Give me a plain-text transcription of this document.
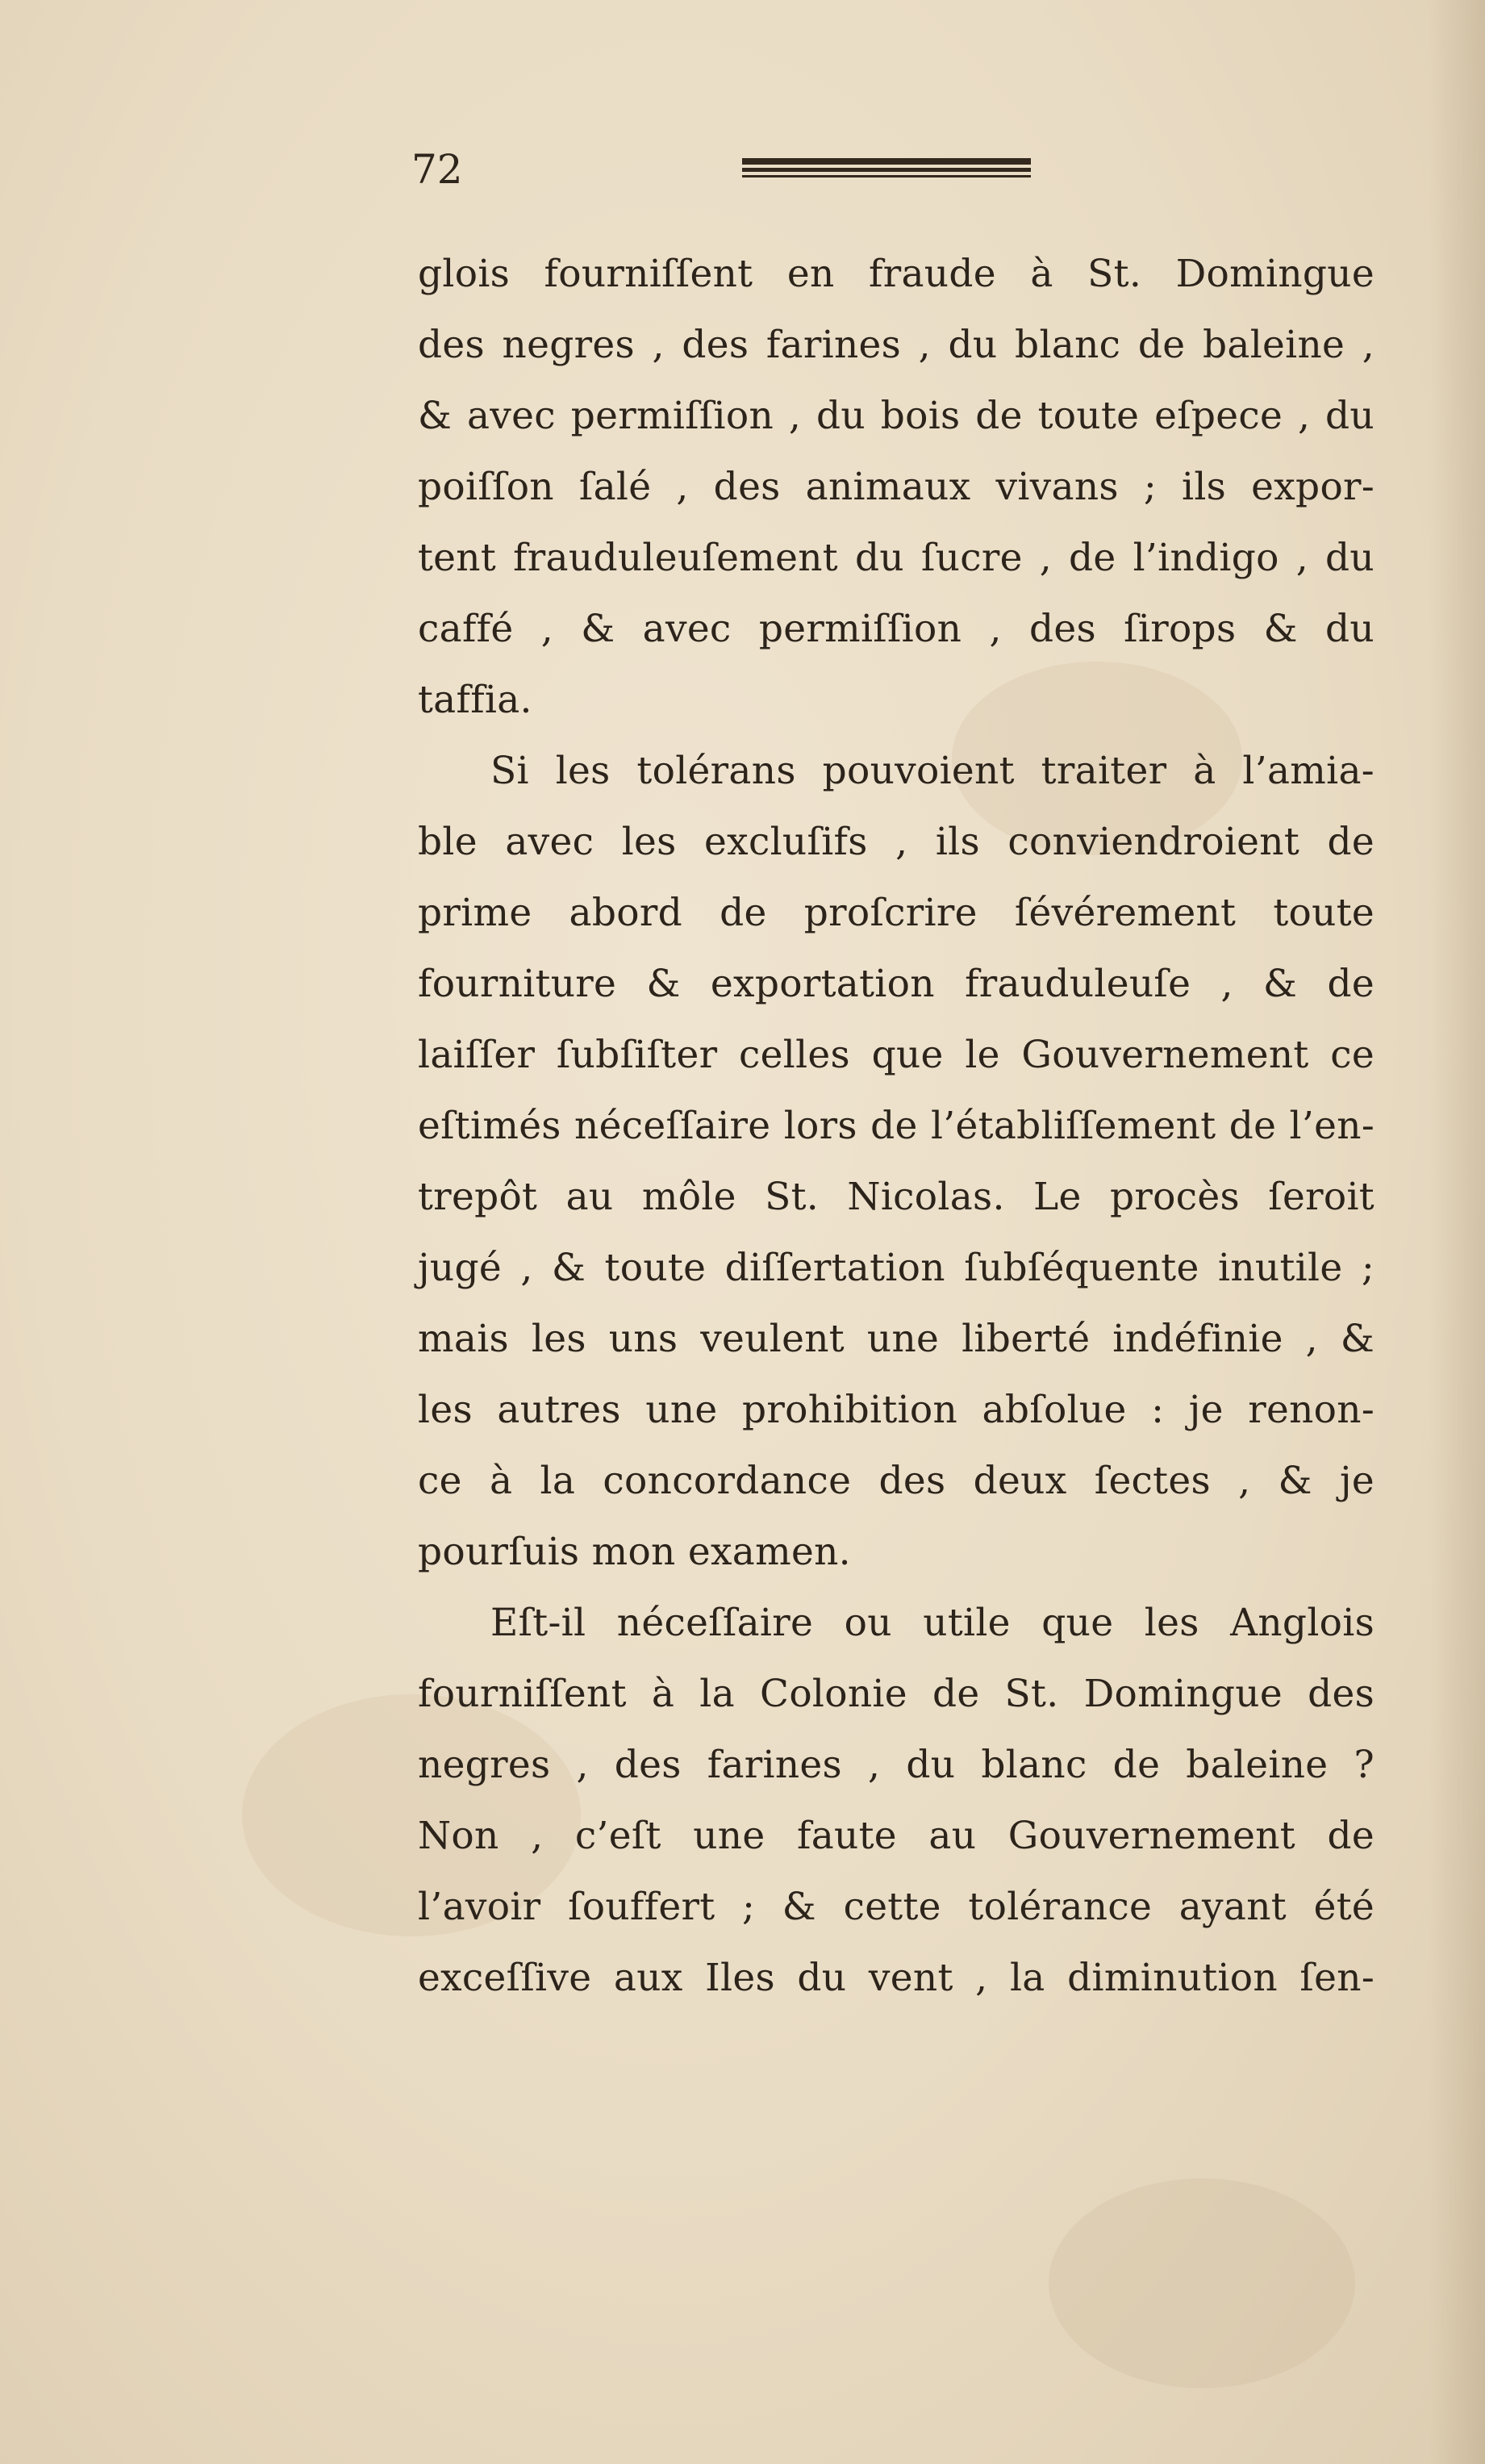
72
glois fourniſſent en fraude à St. Domingue
des negres , des farines , du blanc de baleine ,
& avec permiſſion , du bois de toute eſpece , du
poiſſon ſalé , des animaux vivans ; ils expor-
tent frauduleuſement du ſucre , de l’indigo , du
caffé , & avec permiſſion , des ſirops & du
taffia.
Si les tolérans pouvoient traiter à l’amia-
ble avec les excluſifs , ils conviendroient de
prime abord de proſcrire ſévérement toute
fourniture & exportation frauduleuſe , & de
laiſſer ſubſiſter celles que le Gouvernement ce
eſtimés néceſſaire lors de l’établiſſement de l’en-
trepôt au môle St. Nicolas. Le procès ſeroit
jugé , & toute diſſertation ſubſéquente inutile ;
mais les uns veulent une liberté indéfinie , &
les autres une prohibition abſolue : je renon-
ce à la concordance des deux ſectes , & je
pourſuis mon examen.
Eſt-il néceſſaire ou utile que les Anglois
fourniſſent à la Colonie de St. Domingue des
negres , des farines , du blanc de baleine ?
Non , c’eſt une faute au Gouvernement de
l’avoir ſouffert ; & cette tolérance ayant été
exceſſive aux Iles du vent , la diminution ſen-
